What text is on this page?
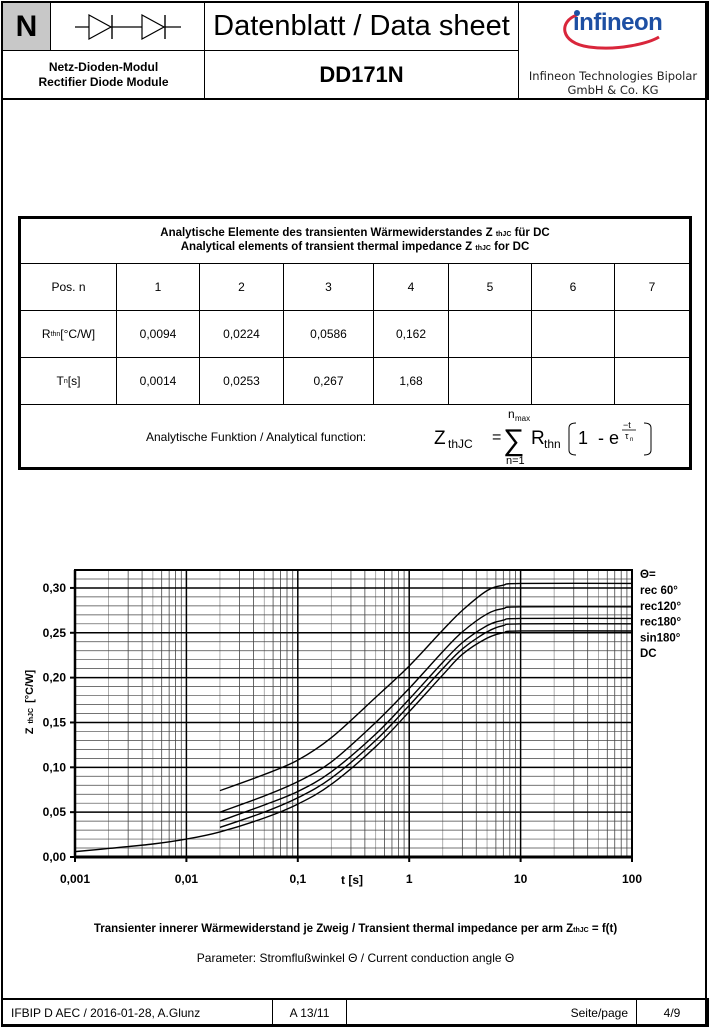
N	Datenblatt / Data sheet
Netz-Dioden-Modul
Rectifier Diode Module	DD171N
infineon
Infineon Technologies Bipolar
GmbH & Co. KG
Analytische Elemente des transienten Wärmewiderstandes Z thJC für DC
Analytical elements of transient thermal impedance Z thJC for DC
Pos. n	1	2	3	4	5	6	7
R thn [°C/W]	0,0094	0,0224	0,0586	0,162
T n [s]	0,0014	0,0253	0,267	1,68
Analytische Funktion / Analytical function:	Z thJC = ∑
n max
n=1
R thn 1  - e
−t
τ n
0,001	0,01	0,1	1	10	100
0,00
0,05
0,10
0,15
0,20
0,25
0,30
t [s]
Z thJC [°C/W]
Θ=
rec 60°
rec120°
rec180°
sin180°
DC
Transienter innerer Wärmewiderstand je Zweig / Transient thermal impedance per arm ZthJC = f(t)
Parameter: Stromflußwinkel Θ / Current conduction angle Θ
IFBIP D AEC / 2016-01-28, A.Glunz	A 13/11	Seite/page	4/9
